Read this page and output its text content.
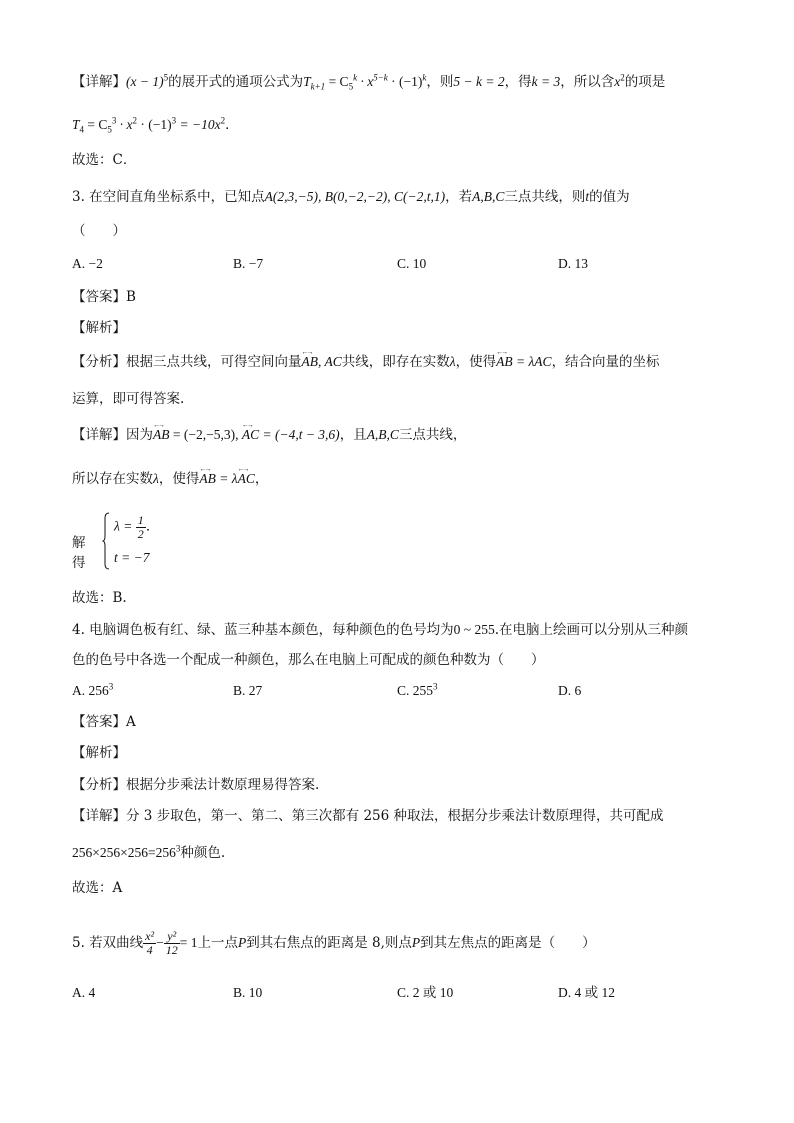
【详解】$(x - 1)^5$的展开式的通项公式为$T_{k+1} = C_5^k \cdot x^{5-k} \cdot (-1)^k$，则5 − k = 2，得k = 3，所以含$x^2$的项是
$T_4 = C_5^3 \cdot x^2 \cdot (-1)^3 = -10x^2$．
故选：C．
3. 在空间直角坐标系中，已知点A(2,3,−5), B(0,−2,−2), C(−2,t,1)，若A,B,C三点共线，则t的值为
（　　）
A. −2	B. −7	C. 10	D. 13
【答案】B
【解析】
【分析】根据三点共线，可得空间向量←→ AB, AC共线，即存在实数λ，使得←→ AB = λAC，结合向量的坐标
运算，即可得答案.
【详解】因为←→ AB = (−2,−5,3), ←→ AC = (−4,t − 3,6)，且A,B,C三点共线，
所以存在实数λ，使得←→ AB = λ←→ AC，
解得
$\lambda = \frac{1}{2}$ ．
t = −7
故选：B.
4. 电脑调色板有红、绿、蓝三种基本颜色，每种颜色的色号均为0 ~ 255.在电脑上绘画可以分别从三种颜
色的色号中各选一个配成一种颜色，那么在电脑上可配成的颜色种数为（　　）
A. $256^3$	B. 27	C. $255^3$	D. 6
【答案】A
【解析】
【分析】根据分步乘法计数原理易得答案.
【详解】分 3 步取色，第一、第二、第三次都有 256 种取法，根据分步乘法计数原理得，共可配成
$256\times 256\times 256=256^3$种颜色.
故选：A
5. 若双曲线 $\frac{\text{x²}}{4} - \frac{\text{y²}}{12} = 1$上一点P到其右焦点的距离是 8,则点P到其左焦点的距离是（　　）
A. 4	B. 10	C. 2 或 10	D. 4 或 12
